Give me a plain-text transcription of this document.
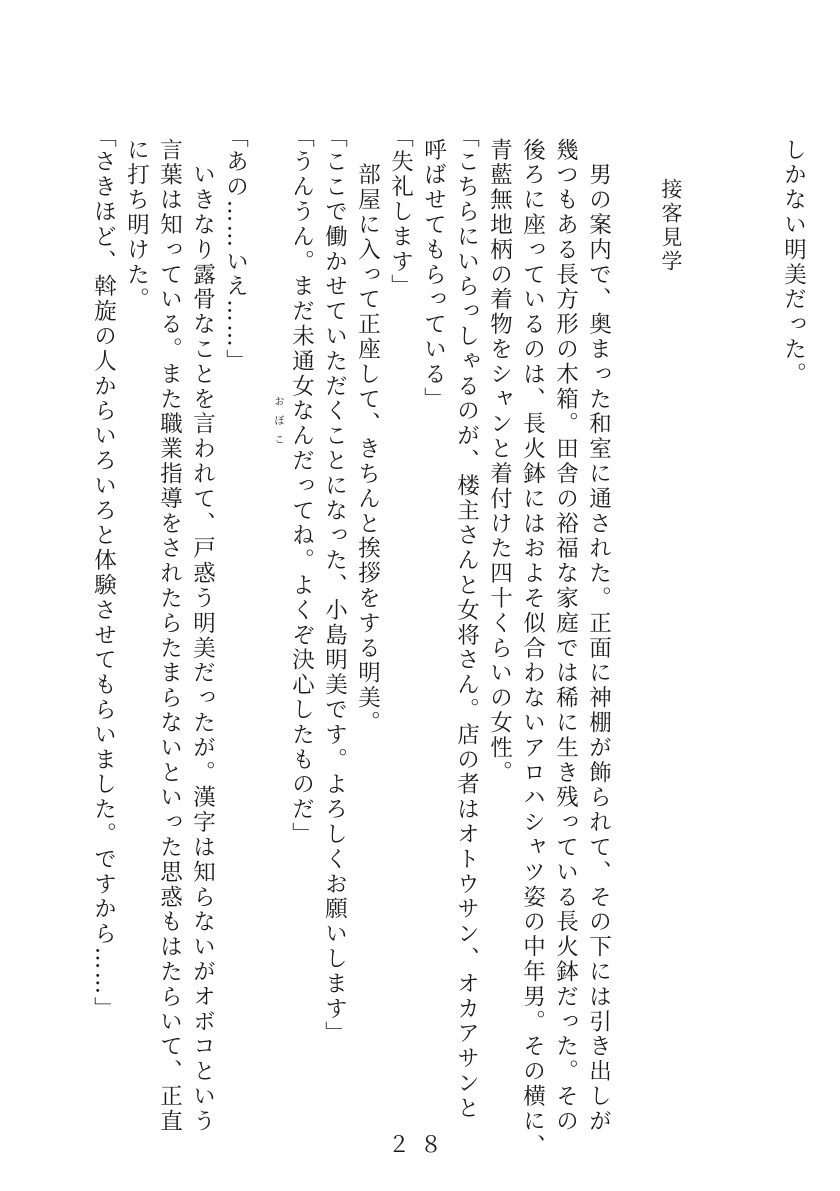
しかない明美だった。

接客見学

　男の案内で、奥まった和室に通された。正面に神棚が飾られて、その下には引き出しが

幾つもある長方形の木箱。田舎の裕福な家庭では稀に生き残っている長火鉢だった。その

後ろに座っているのは、長火鉢にはおよそ似合わないアロハシャツ姿の中年男。その横に、

青藍無地柄の着物をシャンと着付けた四十くらいの女性。

「こちらにいらっしゃるのが、楼主さんと女将さん。店の者はオトウサン、オカアサンと

呼ばせてもらっている」

「失礼します」

　部屋に入って正座して、きちんと挨拶をする明美。

「ここで働かせていただくことになった、小島明美です。よろしくお願いします」

「うんうん。まだ未通女なんだってね。よくぞ決心したものだ」

「あの……いえ……」

　いきなり露骨なことを言われて、戸惑う明美だったが。漢字は知らないがオボコという

言葉は知っている。また職業指導をされたらたまらないといった思惑もはたらいて、正直

に打ち明けた。

「さきほど、斡旋の人からいろいろと体験させてもらいました。ですから……」	おぼこ
２８
